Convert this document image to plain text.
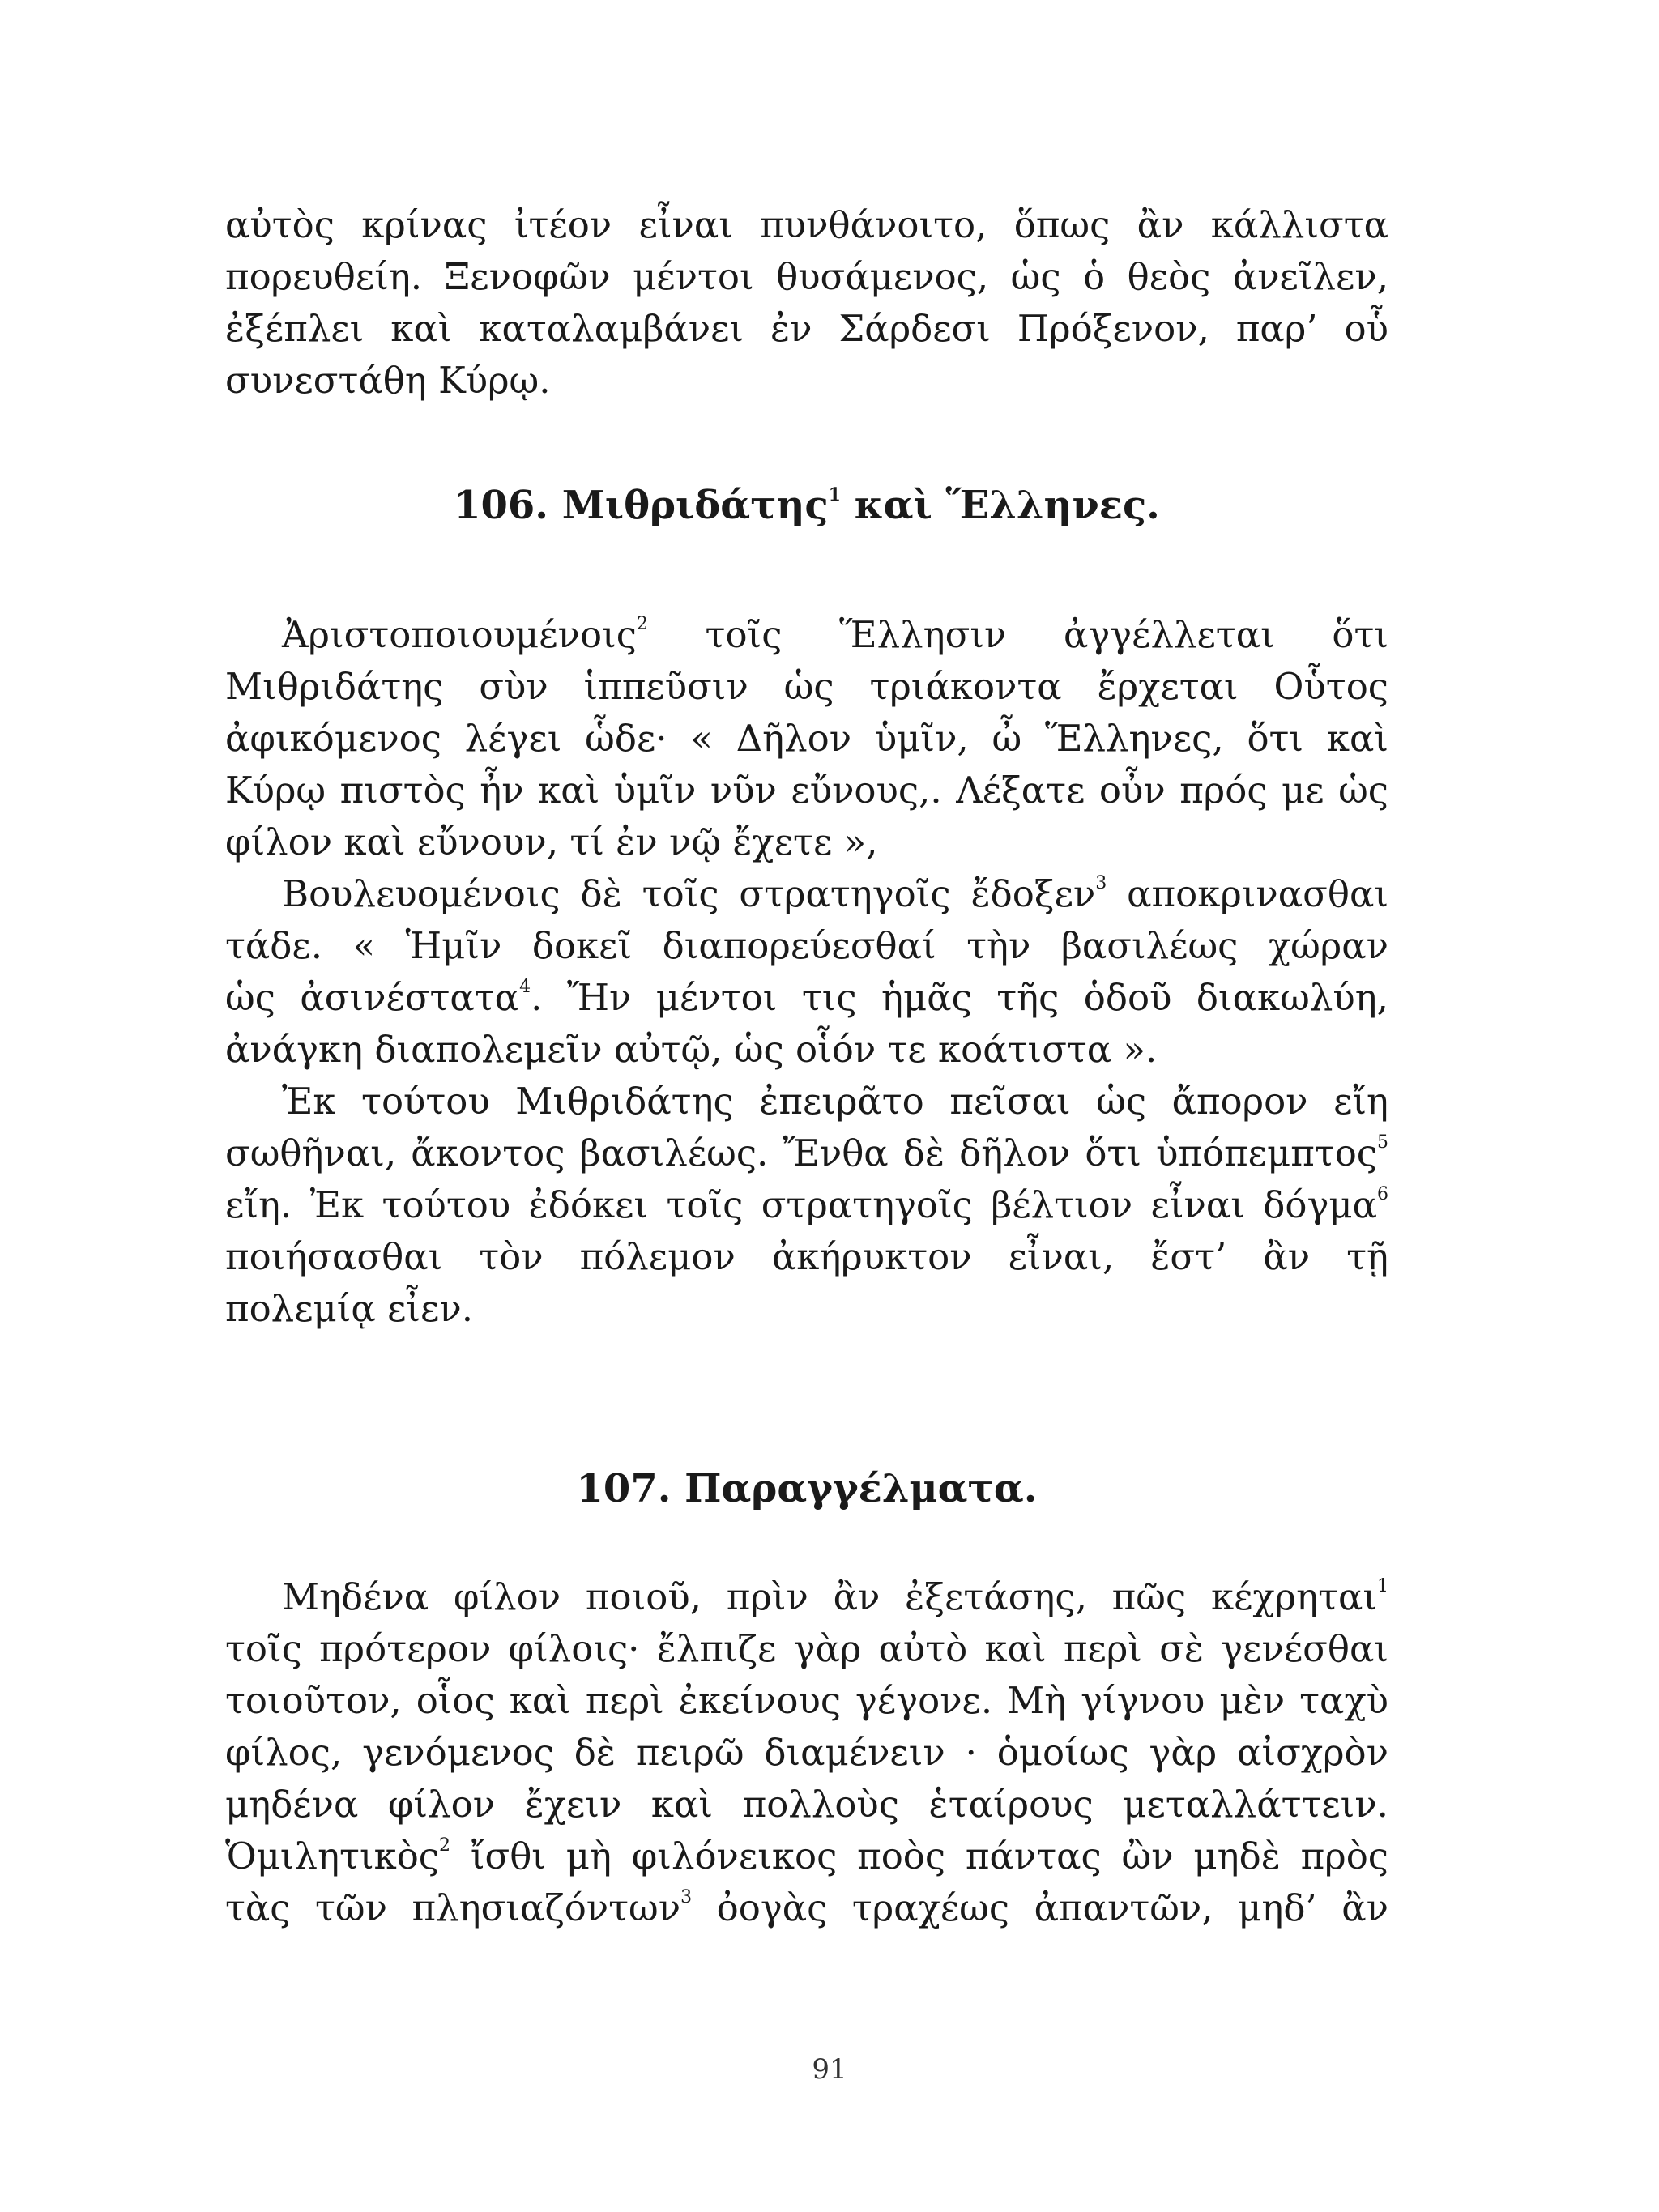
αὐτὸς κρίνας ἰτέον εἶναι πυνθάνοιτο, ὅπως ἂν κάλλιστα
πορευθείη. Ξενοφῶν μέντοι θυσάμενος, ὡς ὁ θεὸς ἀνεῖλεν,
ἐξέπλει καὶ καταλαμβάνει ἐν Σάρδεσι Πρόξενον, παρ’ οὗ
συνεστάθη Κύρῳ.
106. Μιθριδάτης$^1$ καὶ Ἕλληνες.
Ἀριστοποιουμένοις$^2$ τοῖς Ἕλλησιν ἀγγέλλεται ὅτι
Μιθριδάτης σὺν ἱππεῦσιν ὡς τριάκοντα ἔρχεται Οὗτος
ἀφικόμενος λέγει ὧδε· « Δῆλον ὑμῖν, ὦ Ἕλληνες, ὅτι καὶ
Κύρῳ πιστὸς ἦν καὶ ὑμῖν νῦν εὔνους,. Λέξατε οὖν πρός με ὡς
φίλον καὶ εὔνουν, τί ἐν νῷ ἔχετε »,
Βουλευομένοις δὲ τοῖς στρατηγοῖς ἔδοξεν$^3$ αποκρινασθαι
τάδε. « Ἡμῖν δοκεῖ διαπορεύεσθαί τὴν βασιλέως χώραν
ὡς ἀσινέστατα$^4$. Ἤν μέντοι τις ἡμᾶς τῆς ὁδοῦ διακωλύη,
ἀνάγκη διαπολεμεῖν αὐτῷ, ὡς οἷόν τε κοάτιστα ».
Ἐκ τούτου Μιθριδάτης ἐπειρᾶτο πεῖσαι ὡς ἄπορον εἴη
σωθῆναι, ἄκοντος βασιλέως. Ἔνθα δὲ δῆλον ὅτι ὑπόπεμπτος$^5$
εἴη. Ἐκ τούτου ἐδόκει τοῖς στρατηγοῖς βέλτιον εἶναι δόγμα$^6$
ποιήσασθαι τὸν πόλεμον ἀκήρυκτον εἶναι, ἔστ’ ἂν τῇ
πολεμίᾳ εἶεν.
107. Παραγγέλματα.
Μηδένα φίλον ποιοῦ, πρὶν ἂν ἐξετάσης, πῶς κέχρηται$^1$
τοῖς πρότερον φίλοις· ἔλπιζε γὰρ αὐτὸ καὶ περὶ σὲ γενέσθαι
τοιοῦτον, οἷος καὶ περὶ ἐκείνους γέγονε. Μὴ γίγνου μὲν ταχὺ
φίλος, γενόμενος δὲ πειρῶ διαμένειν · ὁμοίως γὰρ αἰσχρὸν
μηδένα φίλον ἔχειν καὶ πολλοὺς ἑταίρους μεταλλάττειν.
Ὁμιλητικὸς$^2$ ἴσθι μὴ φιλόνεικος ποὸς πάντας ὢν μηδὲ πρὸς
τὰς τῶν πλησιαζόντων$^3$ ὀογὰς τραχέως ἀπαντῶν, μηδ’ ἂν
91
